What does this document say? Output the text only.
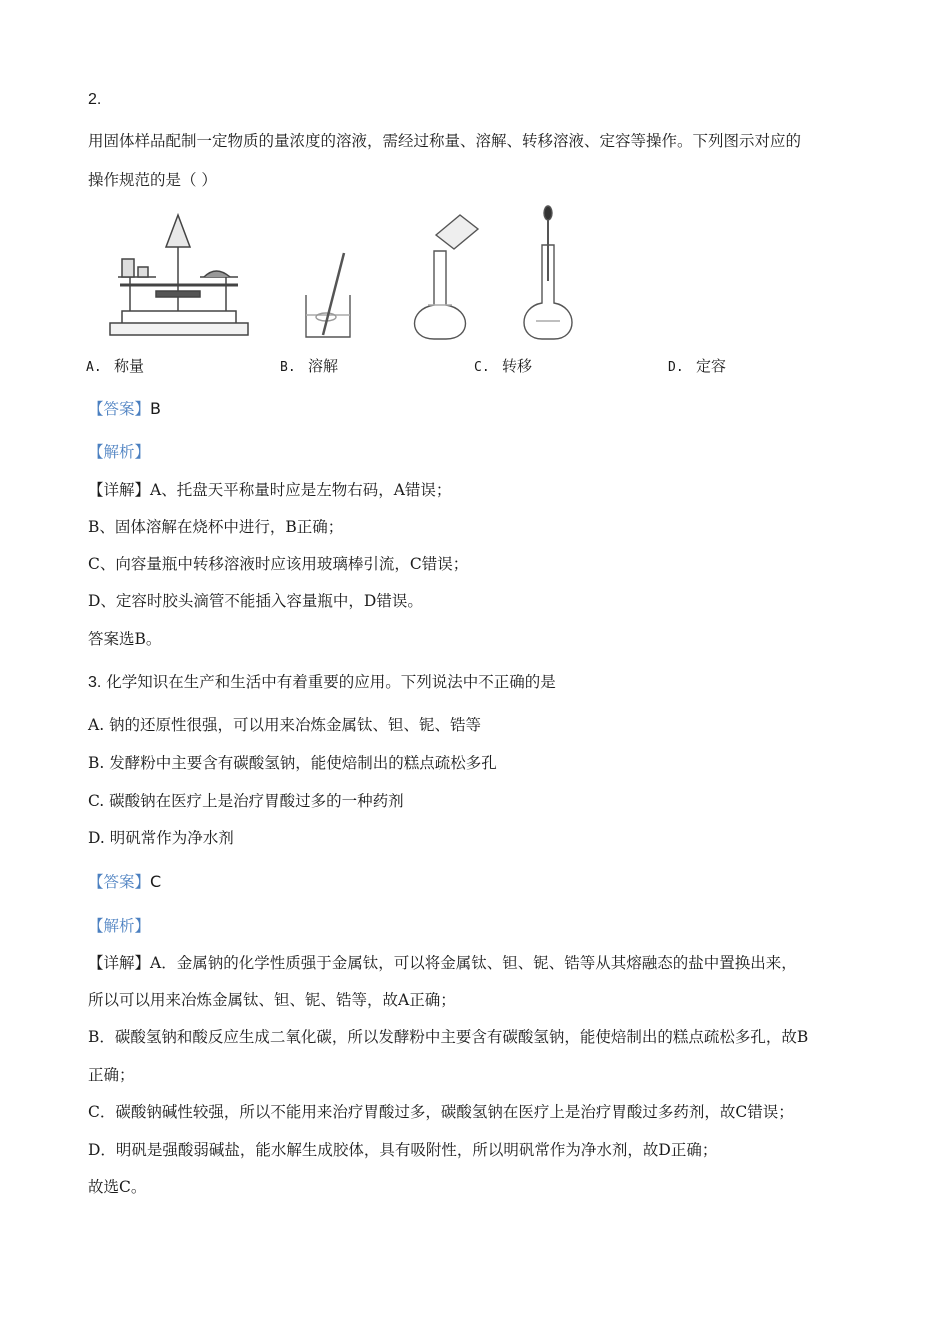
2.
用固体样品配制一定物质的量浓度的溶液，需经过称量、溶解、转移溶液、定容等操作。下列图示对应的
操作规范的是（ ）
A. 称量	B. 溶解	C. 转移	D. 定容
【答案】B
【解析】
【详解】A、托盘天平称量时应是左物右码，A错误；
B、固体溶解在烧杯中进行，B正确；
C、向容量瓶中转移溶液时应该用玻璃棒引流，C错误；
D、定容时胶头滴管不能插入容量瓶中，D错误。
答案选B。
3. 化学知识在生产和生活中有着重要的应用。下列说法中不正确的是
A. 钠的还原性很强，可以用来冶炼金属钛、钽、铌、锆等
B. 发酵粉中主要含有碳酸氢钠，能使焙制出的糕点疏松多孔
C. 碳酸钠在医疗上是治疗胃酸过多的一种药剂
D. 明矾常作为净水剂
【答案】C
【解析】
【详解】A．金属钠的化学性质强于金属钛，可以将金属钛、钽、铌、锆等从其熔融态的盐中置换出来，
所以可以用来冶炼金属钛、钽、铌、锆等，故A正确；
B．碳酸氢钠和酸反应生成二氧化碳，所以发酵粉中主要含有碳酸氢钠，能使焙制出的糕点疏松多孔，故B
正确；
C．碳酸钠碱性较强，所以不能用来治疗胃酸过多，碳酸氢钠在医疗上是治疗胃酸过多药剂，故C错误；
D．明矾是强酸弱碱盐，能水解生成胶体，具有吸附性，所以明矾常作为净水剂，故D正确；
故选C。
